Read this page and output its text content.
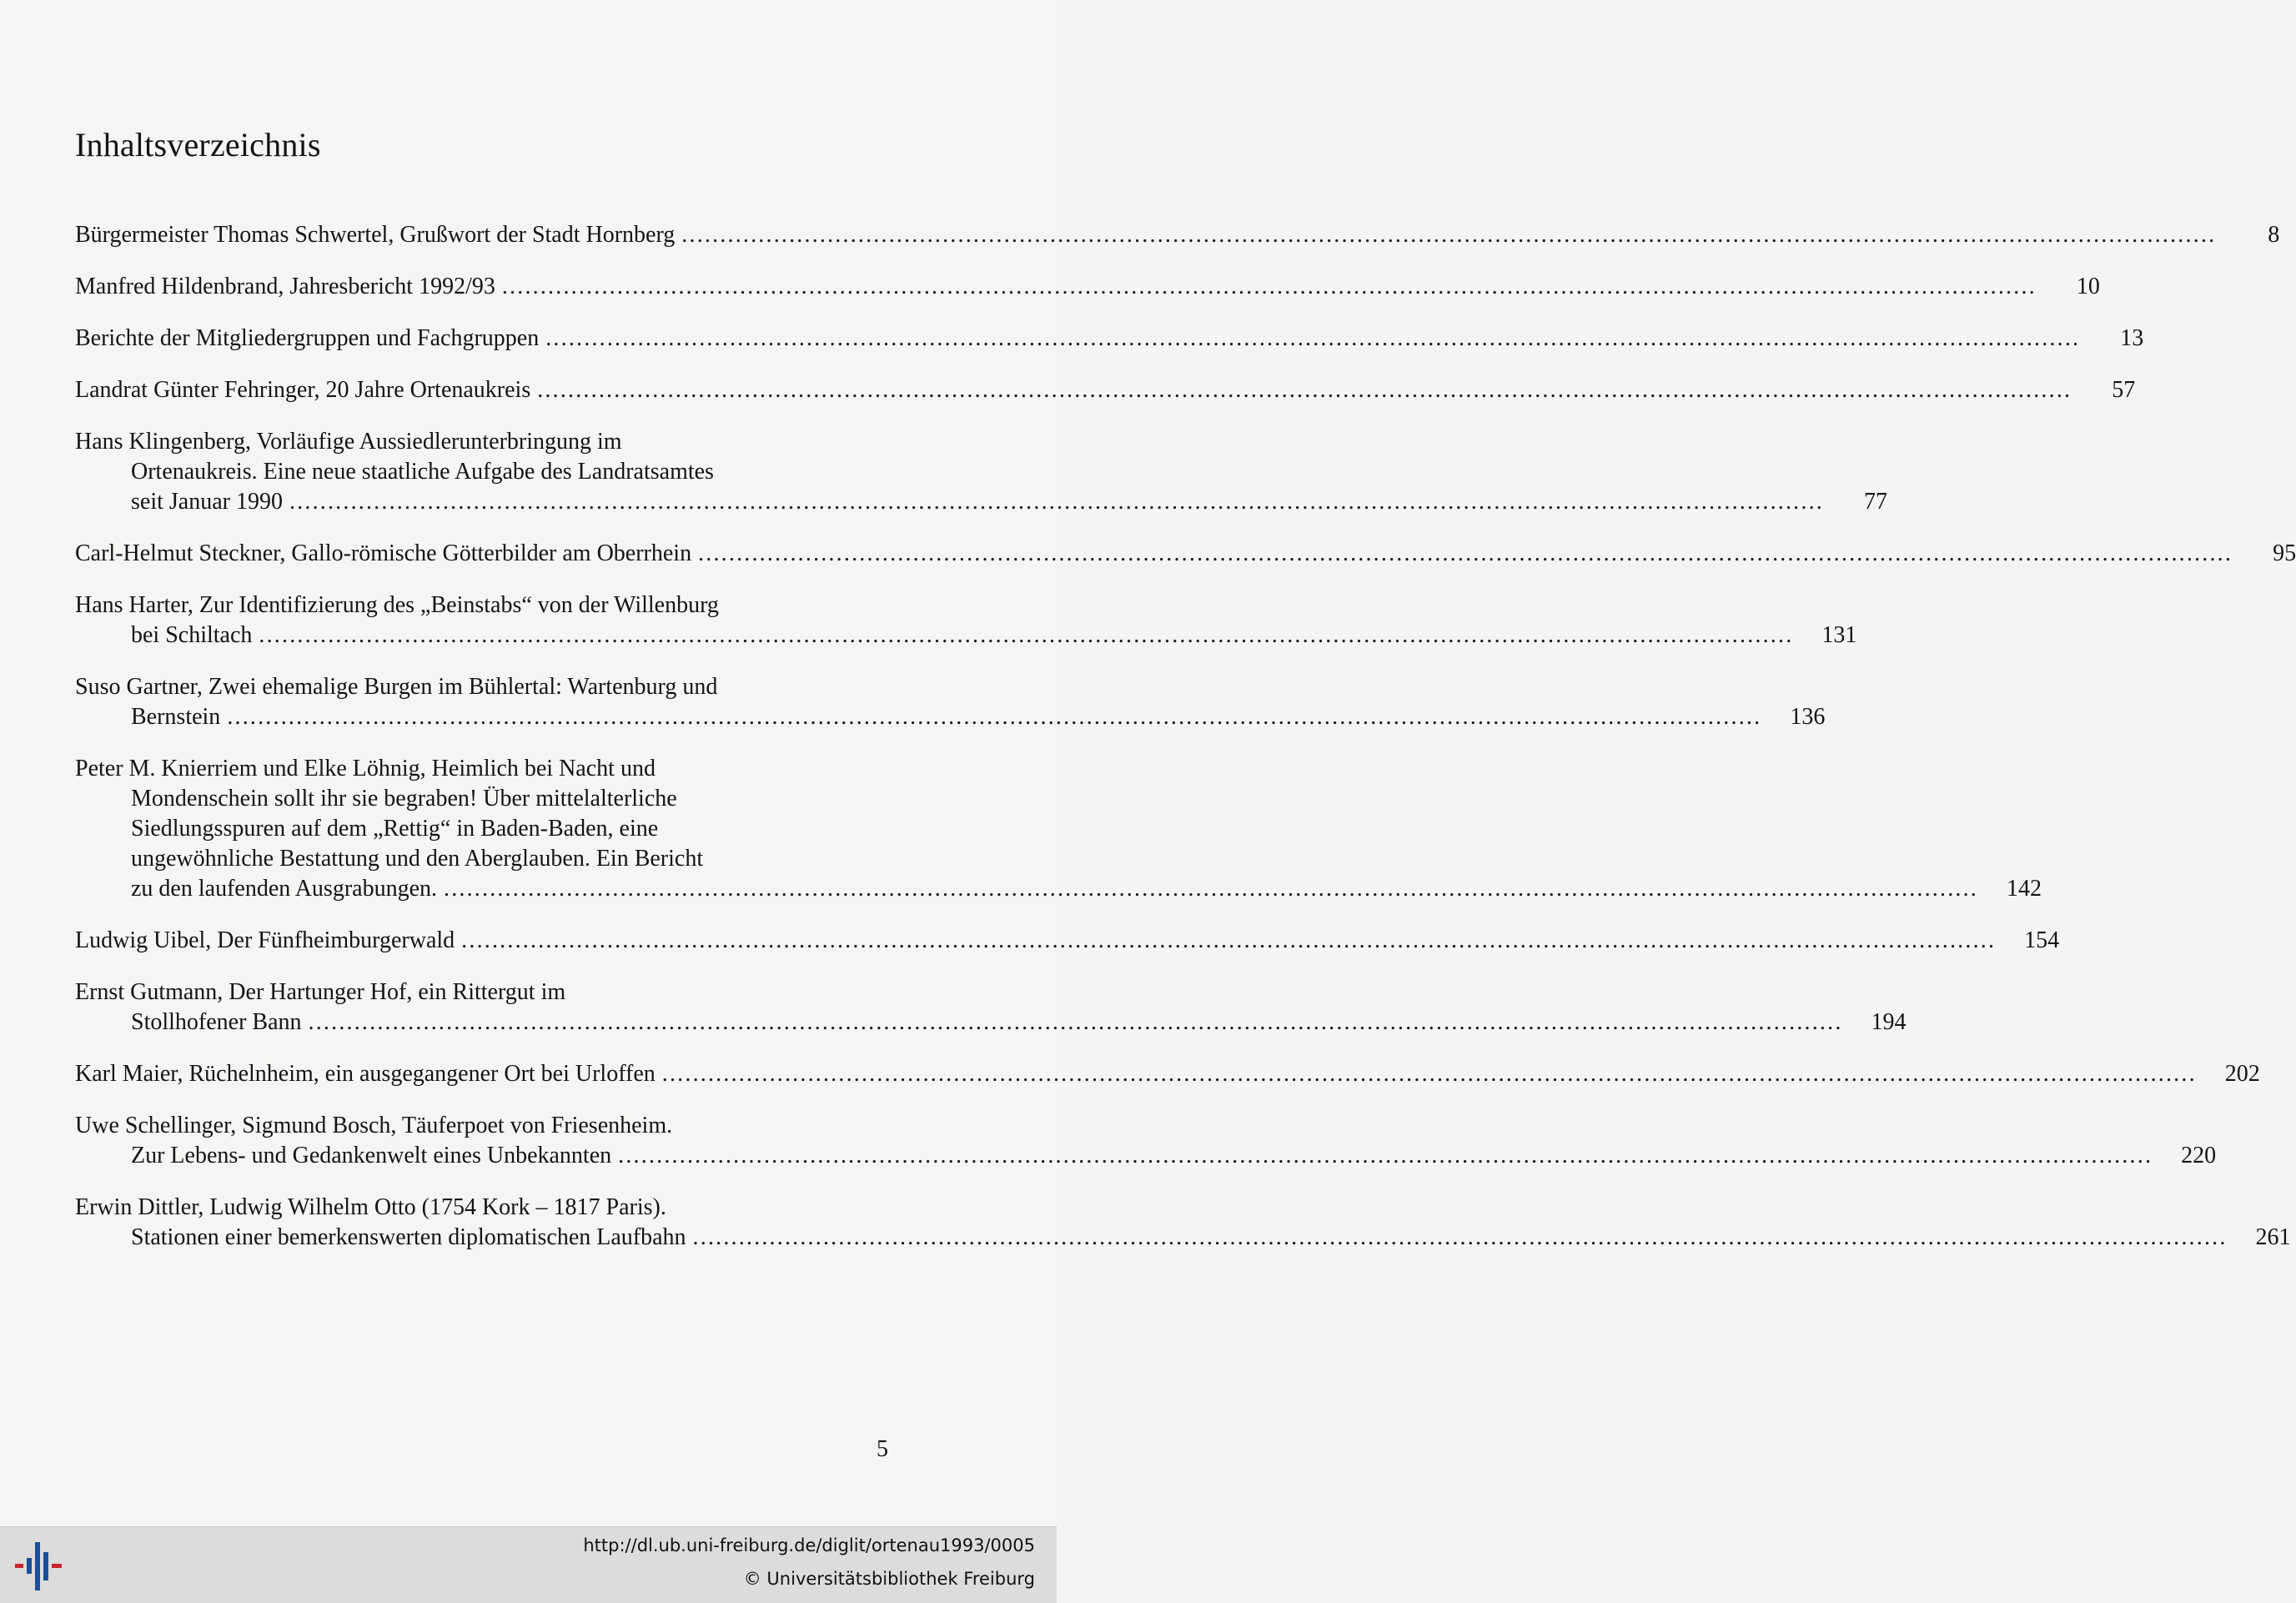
Inhaltsverzeichnis
Bürgermeister Thomas Schwertel, Grußwort der Stadt Hornberg ........................................................................................................................................................................................................	8
Manfred Hildenbrand, Jahresbericht 1992/93 ........................................................................................................................................................................................................	10
Berichte der Mitgliedergruppen und Fachgruppen ........................................................................................................................................................................................................	13
Landrat Günter Fehringer, 20 Jahre Ortenaukreis ........................................................................................................................................................................................................	57
Hans Klingenberg, Vorläufige Aussiedlerunterbringung im
Ortenaukreis. Eine neue staatliche Aufgabe des Landratsamtes
seit Januar 1990 ........................................................................................................................................................................................................	77
Carl-Helmut Steckner, Gallo-römische Götterbilder am Oberrhein ........................................................................................................................................................................................................	95
Hans Harter, Zur Identifizierung des „Beinstabs“ von der Willenburg
bei Schiltach ........................................................................................................................................................................................................	131
Suso Gartner, Zwei ehemalige Burgen im Bühlertal: Wartenburg und
Bernstein ........................................................................................................................................................................................................	136
Peter M. Knierriem und Elke Löhnig, Heimlich bei Nacht und
Mondenschein sollt ihr sie begraben! Über mittelalterliche
Siedlungsspuren auf dem „Rettig“ in Baden-Baden, eine
ungewöhnliche Bestattung und den Aberglauben. Ein Bericht
zu den laufenden Ausgrabungen. ........................................................................................................................................................................................................	142
Ludwig Uibel, Der Fünfheimburgerwald ........................................................................................................................................................................................................	154
Ernst Gutmann, Der Hartunger Hof, ein Rittergut im
Stollhofener Bann ........................................................................................................................................................................................................	194
Karl Maier, Rüchelnheim, ein ausgegangener Ort bei Urloffen ........................................................................................................................................................................................................	202
Uwe Schellinger, Sigmund Bosch, Täuferpoet von Friesenheim.
Zur Lebens- und Gedankenwelt eines Unbekannten ........................................................................................................................................................................................................	220
Erwin Dittler, Ludwig Wilhelm Otto (1754 Kork – 1817 Paris).
Stationen einer bemerkenswerten diplomatischen Laufbahn ........................................................................................................................................................................................................	261
5
http://dl.ub.uni-freiburg.de/diglit/ortenau1993/0005
© Universitätsbibliothek Freiburg
